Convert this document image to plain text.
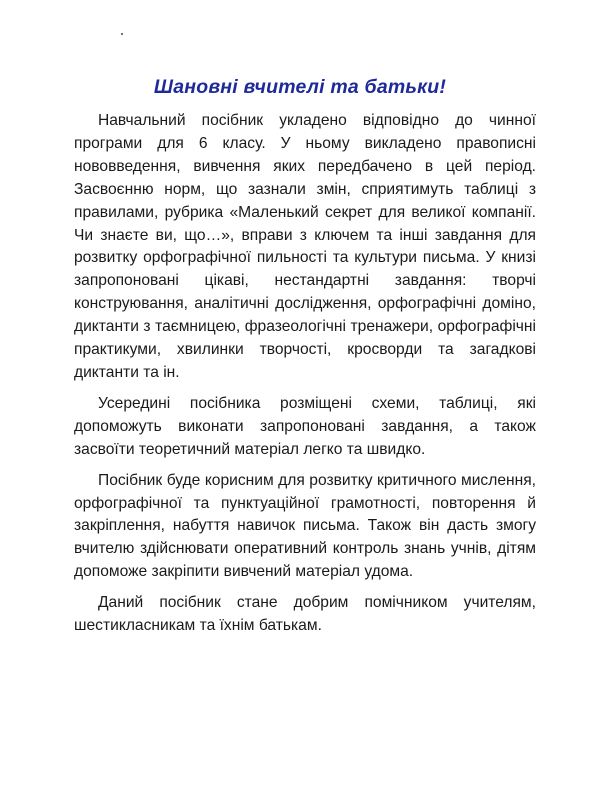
Шановні вчителі та батьки!

Навчальний посібник укладено відповідно до чинної програми для 6 класу. У ньому викладено правописні нововведення, вивчення яких передбачено в цей період. Засвоєнню норм, що зазнали змін, сприятимуть таблиці з правилами, рубрика «Маленький секрет для великої компанії. Чи знаєте ви, що…», вправи з ключем та інші завдання для розвитку орфографічної пильності та культури письма. У книзі запропоновані цікаві, нестандартні завдання: творчі конструювання, аналітичні дослідження, орфографічні доміно, диктанти з таємницею, фразеологічні тренажери, орфографічні практикуми, хвилинки творчості, кросворди та загадкові диктанти та ін.

Усередині посібника розміщені схеми, таблиці, які допоможуть виконати запропоновані завдання, а також засвоїти теоретичний матеріал легко та швидко.

Посібник буде корисним для розвитку критичного мислення, орфографічної та пунктуаційної грамотності, повторення й закріплення, набуття навичок письма. Також він дасть змогу вчителю здійснювати оперативний контроль знань учнів, дітям допоможе закріпити вивчений матеріал удома.

Даний посібник стане добрим помічником учителям, шестикласникам та їхнім батькам.
